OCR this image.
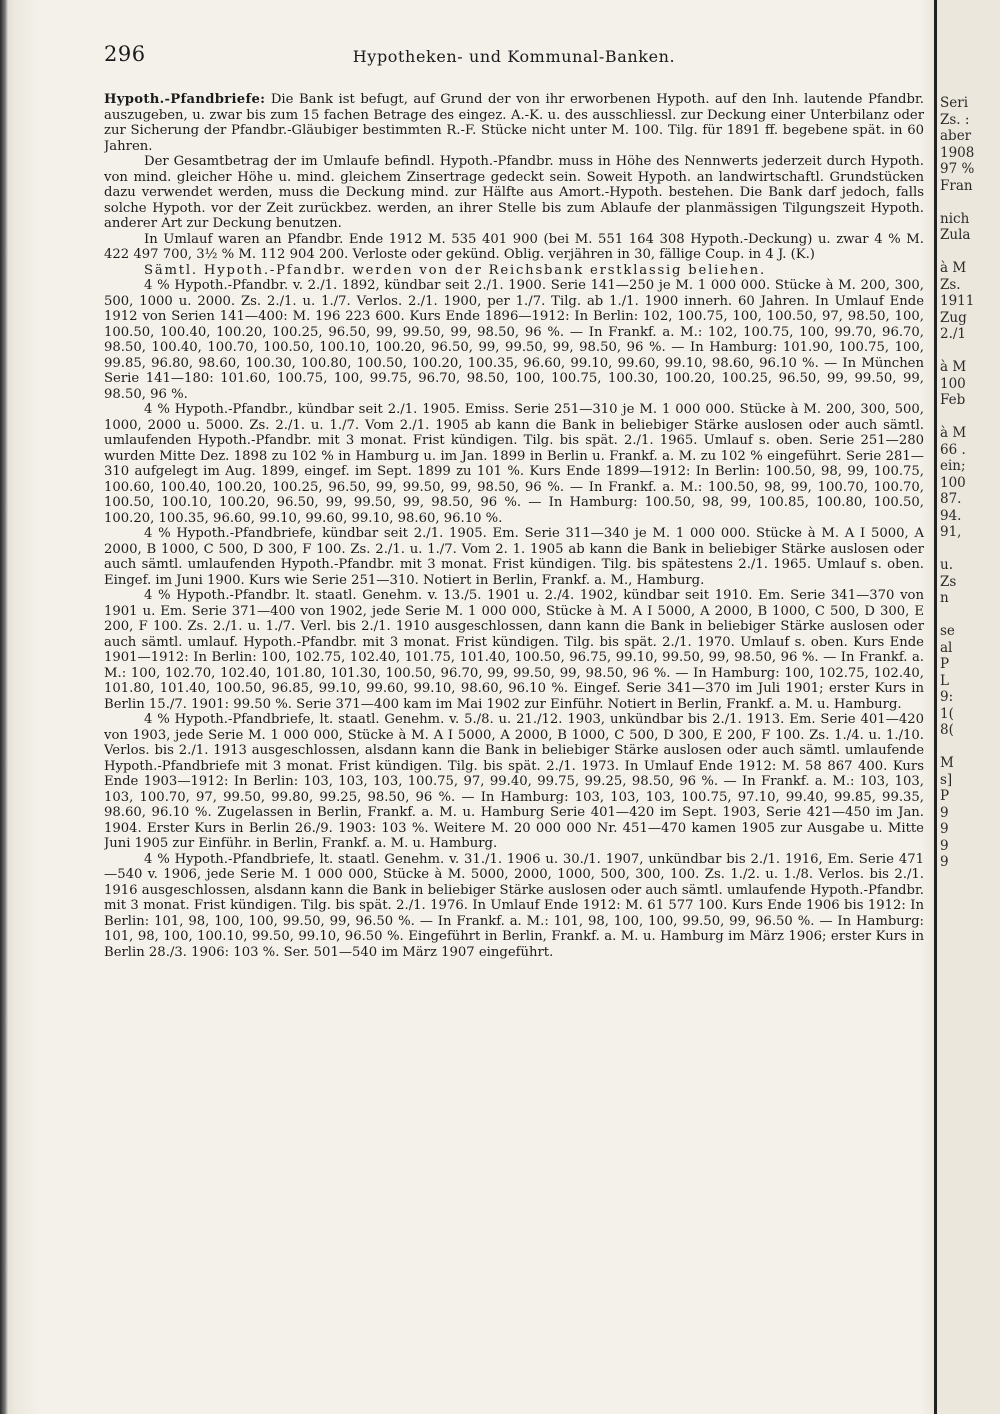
296	Hypotheken- und Kommunal-Banken.

Hypoth.-Pfandbriefe: Die Bank ist befugt, auf Grund der von ihr erworbenen Hypoth. auf den Inh. lautende Pfandbr. auszugeben, u. zwar bis zum 15 fachen Betrage des eingez. A.-K. u. des ausschliessl. zur Deckung einer Unterbilanz oder zur Sicherung der Pfandbr.-Gläubiger bestimmten R.-F. Stücke nicht unter M. 100. Tilg. für 1891 ff. begebene spät. in 60 Jahren.

Der Gesamtbetrag der im Umlaufe befindl. Hypoth.-Pfandbr. muss in Höhe des Nennwerts jederzeit durch Hypoth. von mind. gleicher Höhe u. mind. gleichem Zinsertrage gedeckt sein. Soweit Hypoth. an landwirtschaftl. Grundstücken dazu verwendet werden, muss die Deckung mind. zur Hälfte aus Amort.-Hypoth. bestehen. Die Bank darf jedoch, falls solche Hypoth. vor der Zeit zurückbez. werden, an ihrer Stelle bis zum Ablaufe der planmässigen Tilgungszeit Hypoth. anderer Art zur Deckung benutzen.

In Umlauf waren an Pfandbr. Ende 1912 M. 535 401 900 (bei M. 551 164 308 Hypoth.-Deckung) u. zwar 4 % M. 422 497 700, 3½ % M. 112 904 200. Verloste oder gekünd. Oblig. verjähren in 30, fällige Coup. in 4 J. (K.)

Sämtl. Hypoth.-Pfandbr. werden von der Reichsbank erstklassig beliehen.

4 % Hypoth.-Pfandbr. v. 2./1. 1892, kündbar seit 2./1. 1900. Serie 141—250 je M. 1 000 000. Stücke à M. 200, 300, 500, 1000 u. 2000. Zs. 2./1. u. 1./7. Verlos. 2./1. 1900, per 1./7. Tilg. ab 1./1. 1900 innerh. 60 Jahren. In Umlauf Ende 1912 von Serien 141—400: M. 196 223 600. Kurs Ende 1896—1912: In Berlin: 102, 100.75, 100, 100.50, 97, 98.50, 100, 100.50, 100.40, 100.20, 100.25, 96.50, 99, 99.50, 99, 98.50, 96 %. — In Frankf. a. M.: 102, 100.75, 100, 99.70, 96.70, 98.50, 100.40, 100.70, 100.50, 100.10, 100.20, 96.50, 99, 99.50, 99, 98.50, 96 %. — In Hamburg: 101.90, 100.75, 100, 99.85, 96.80, 98.60, 100.30, 100.80, 100.50, 100.20, 100.35, 96.60, 99.10, 99.60, 99.10, 98.60, 96.10 %. — In München Serie 141—180: 101.60, 100.75, 100, 99.75, 96.70, 98.50, 100, 100.75, 100.30, 100.20, 100.25, 96.50, 99, 99.50, 99, 98.50, 96 %.

4 % Hypoth.-Pfandbr., kündbar seit 2./1. 1905. Emiss. Serie 251—310 je M. 1 000 000. Stücke à M. 200, 300, 500, 1000, 2000 u. 5000. Zs. 2./1. u. 1./7. Vom 2./1. 1905 ab kann die Bank in beliebiger Stärke auslosen oder auch sämtl. umlaufenden Hypoth.-Pfandbr. mit 3 monat. Frist kündigen. Tilg. bis spät. 2./1. 1965. Umlauf s. oben. Serie 251—280 wurden Mitte Dez. 1898 zu 102 % in Hamburg u. im Jan. 1899 in Berlin u. Frankf. a. M. zu 102 % eingeführt. Serie 281—310 aufgelegt im Aug. 1899, eingef. im Sept. 1899 zu 101 %. Kurs Ende 1899—1912: In Berlin: 100.50, 98, 99, 100.75, 100.60, 100.40, 100.20, 100.25, 96.50, 99, 99.50, 99, 98.50, 96 %. — In Frankf. a. M.: 100.50, 98, 99, 100.70, 100.70, 100.50, 100.10, 100.20, 96.50, 99, 99.50, 99, 98.50, 96 %. — In Hamburg: 100.50, 98, 99, 100.85, 100.80, 100.50, 100.20, 100.35, 96.60, 99.10, 99.60, 99.10, 98.60, 96.10 %.

4 % Hypoth.-Pfandbriefe, kündbar seit 2./1. 1905. Em. Serie 311—340 je M. 1 000 000. Stücke à M. A I 5000, A 2000, B 1000, C 500, D 300, F 100. Zs. 2./1. u. 1./7. Vom 2. 1. 1905 ab kann die Bank in beliebiger Stärke auslosen oder auch sämtl. umlaufenden Hypoth.-Pfandbr. mit 3 monat. Frist kündigen. Tilg. bis spätestens 2./1. 1965. Umlauf s. oben. Eingef. im Juni 1900. Kurs wie Serie 251—310. Notiert in Berlin, Frankf. a. M., Hamburg.

4 % Hypoth.-Pfandbr. lt. staatl. Genehm. v. 13./5. 1901 u. 2./4. 1902, kündbar seit 1910. Em. Serie 341—370 von 1901 u. Em. Serie 371—400 von 1902, jede Serie M. 1 000 000, Stücke à M. A I 5000, A 2000, B 1000, C 500, D 300, E 200, F 100. Zs. 2./1. u. 1./7. Verl. bis 2./1. 1910 ausgeschlossen, dann kann die Bank in beliebiger Stärke auslosen oder auch sämtl. umlauf. Hypoth.-Pfandbr. mit 3 monat. Frist kündigen. Tilg. bis spät. 2./1. 1970. Umlauf s. oben. Kurs Ende 1901—1912: In Berlin: 100, 102.75, 102.40, 101.75, 101.40, 100.50, 96.75, 99.10, 99.50, 99, 98.50, 96 %. — In Frankf. a. M.: 100, 102.70, 102.40, 101.80, 101.30, 100.50, 96.70, 99, 99.50, 99, 98.50, 96 %. — In Hamburg: 100, 102.75, 102.40, 101.80, 101.40, 100.50, 96.85, 99.10, 99.60, 99.10, 98.60, 96.10 %. Eingef. Serie 341—370 im Juli 1901; erster Kurs in Berlin 15./7. 1901: 99.50 %. Serie 371—400 kam im Mai 1902 zur Einführ. Notiert in Berlin, Frankf. a. M. u. Hamburg.

4 % Hypoth.-Pfandbriefe, lt. staatl. Genehm. v. 5./8. u. 21./12. 1903, unkündbar bis 2./1. 1913. Em. Serie 401—420 von 1903, jede Serie M. 1 000 000, Stücke à M. A I 5000, A 2000, B 1000, C 500, D 300, E 200, F 100. Zs. 1./4. u. 1./10. Verlos. bis 2./1. 1913 ausgeschlossen, alsdann kann die Bank in beliebiger Stärke auslosen oder auch sämtl. umlaufende Hypoth.-Pfandbriefe mit 3 monat. Frist kündigen. Tilg. bis spät. 2./1. 1973. In Umlauf Ende 1912: M. 58 867 400. Kurs Ende 1903—1912: In Berlin: 103, 103, 103, 100.75, 97, 99.40, 99.75, 99.25, 98.50, 96 %. — In Frankf. a. M.: 103, 103, 103, 100.70, 97, 99.50, 99.80, 99.25, 98.50, 96 %. — In Hamburg: 103, 103, 103, 100.75, 97.10, 99.40, 99.85, 99.35, 98.60, 96.10 %. Zugelassen in Berlin, Frankf. a. M. u. Hamburg Serie 401—420 im Sept. 1903, Serie 421—450 im Jan. 1904. Erster Kurs in Berlin 26./9. 1903: 103 %. Weitere M. 20 000 000 Nr. 451—470 kamen 1905 zur Ausgabe u. Mitte Juni 1905 zur Einführ. in Berlin, Frankf. a. M. u. Hamburg.

4 % Hypoth.-Pfandbriefe, lt. staatl. Genehm. v. 31./1. 1906 u. 30./1. 1907, unkündbar bis 2./1. 1916, Em. Serie 471—540 v. 1906, jede Serie M. 1 000 000, Stücke à M. 5000, 2000, 1000, 500, 300, 100. Zs. 1./2. u. 1./8. Verlos. bis 2./1. 1916 ausgeschlossen, alsdann kann die Bank in beliebiger Stärke auslosen oder auch sämtl. umlaufende Hypoth.-Pfandbr. mit 3 monat. Frist kündigen. Tilg. bis spät. 2./1. 1976. In Umlauf Ende 1912: M. 61 577 100. Kurs Ende 1906 bis 1912: In Berlin: 101, 98, 100, 100, 99.50, 99, 96.50 %. — In Frankf. a. M.: 101, 98, 100, 100, 99.50, 99, 96.50 %. — In Hamburg: 101, 98, 100, 100.10, 99.50, 99.10, 96.50 %. Eingeführt in Berlin, Frankf. a. M. u. Hamburg im März 1906; erster Kurs in Berlin 28./3. 1906: 103 %. Ser. 501—540 im März 1907 eingeführt.

Seri
Zs. :
aber
1908
97 %
Fran

nich
Zula

à M
Zs.
1911
Zug
2./1

à M
100
Feb

à M
66 .
ein;
100
87.
94.
91,

u.
Zs
n

se
al
P
L
9:
1(
8(

M
s]
P
9
9
9
9
